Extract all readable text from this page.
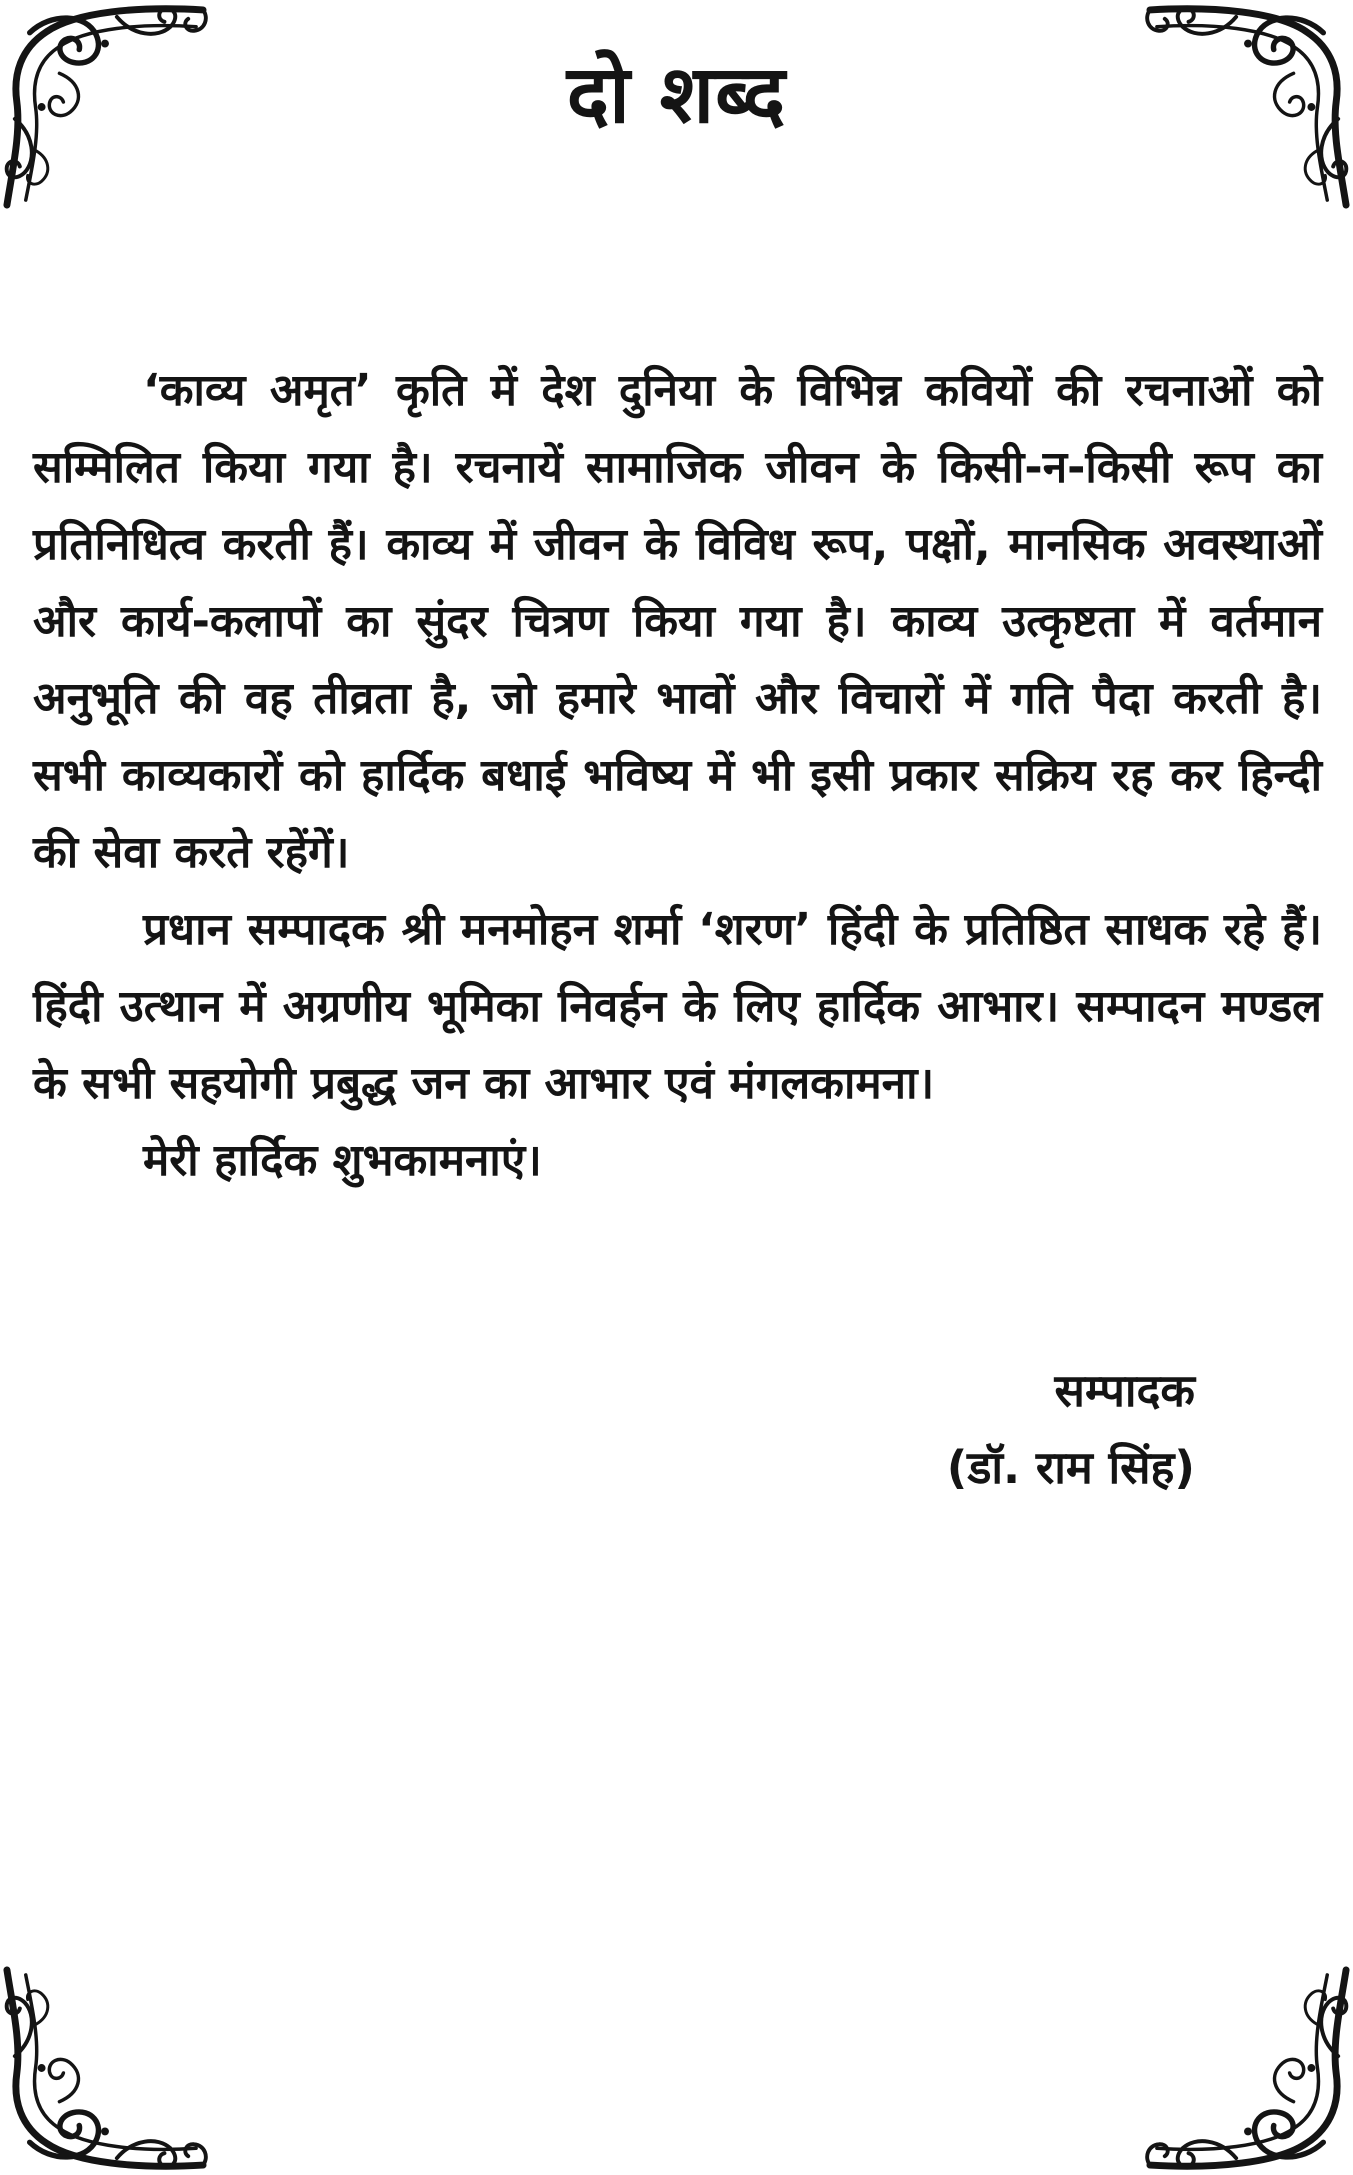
दो शब्द

‘काव्य अमृत’ कृति में देश दुनिया के विभिन्न कवियों की रचनाओं को सम्मिलित किया गया है। रचनायें सामाजिक जीवन के किसी-न-किसी रूप का प्रतिनिधित्व करती हैं। काव्य में जीवन के विविध रूप, पक्षों, मानसिक अवस्थाओं और कार्य-कलापों का सुंदर चित्रण किया गया है। काव्य उत्कृष्टता में वर्तमान अनुभूति की वह तीव्रता है, जो हमारे भावों और विचारों में गति पैदा करती है। सभी काव्यकारों को हार्दिक बधाई भविष्य में भी इसी प्रकार सक्रिय रह कर हिन्दी की सेवा करते रहेंगें।

प्रधान सम्पादक श्री मनमोहन शर्मा ‘शरण’ हिंदी के प्रतिष्ठित साधक रहे हैं। हिंदी उत्थान में अग्रणीय भूमिका निवर्हन के लिए हार्दिक आभार। सम्पादन मण्डल के सभी सहयोगी प्रबुद्ध जन का आभार एवं मंगलकामना।

मेरी हार्दिक शुभकामनाएं।

सम्पादक
(डॉ. राम सिंह)
